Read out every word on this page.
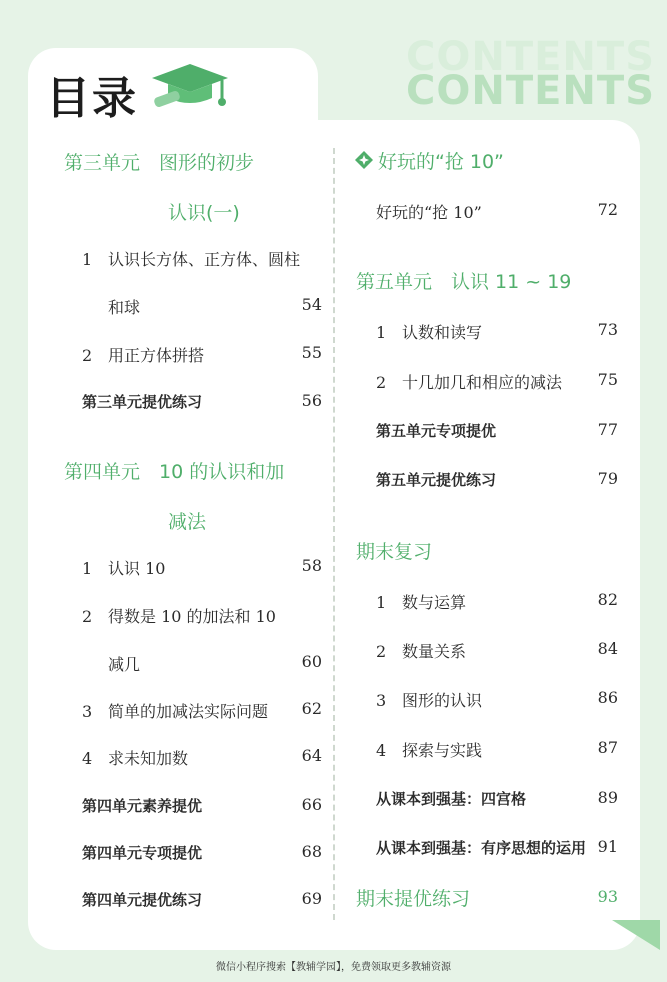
CONTENTS
CONTENTS
目录
第三单元　图形的初步
认识(一)
1 认识长方体、正方体、圆柱
和球	54
2 用正方体拼搭	55
第三单元提优练习	56
第四单元　10 的认识和加
减法
1 认识 10	58
2 得数是 10 的加法和 10
减几	60
3 简单的加减法实际问题	62
4 求未知加数	64
第四单元素养提优	66
第四单元专项提优	68
第四单元提优练习	69
好玩的“抢 10”
好玩的“抢 10”	72
第五单元　认识 11 ~ 19
1 认数和读写	73
2 十几加几和相应的减法	75
第五单元专项提优	77
第五单元提优练习	79
期末复习
1 数与运算	82
2 数量关系	84
3 图形的认识	86
4 探索与实践	87
从课本到强基：四宫格	89
从课本到强基：有序思想的运用 91
期末提优练习	93
微信小程序搜索【教辅学园】，免费领取更多教辅资源
